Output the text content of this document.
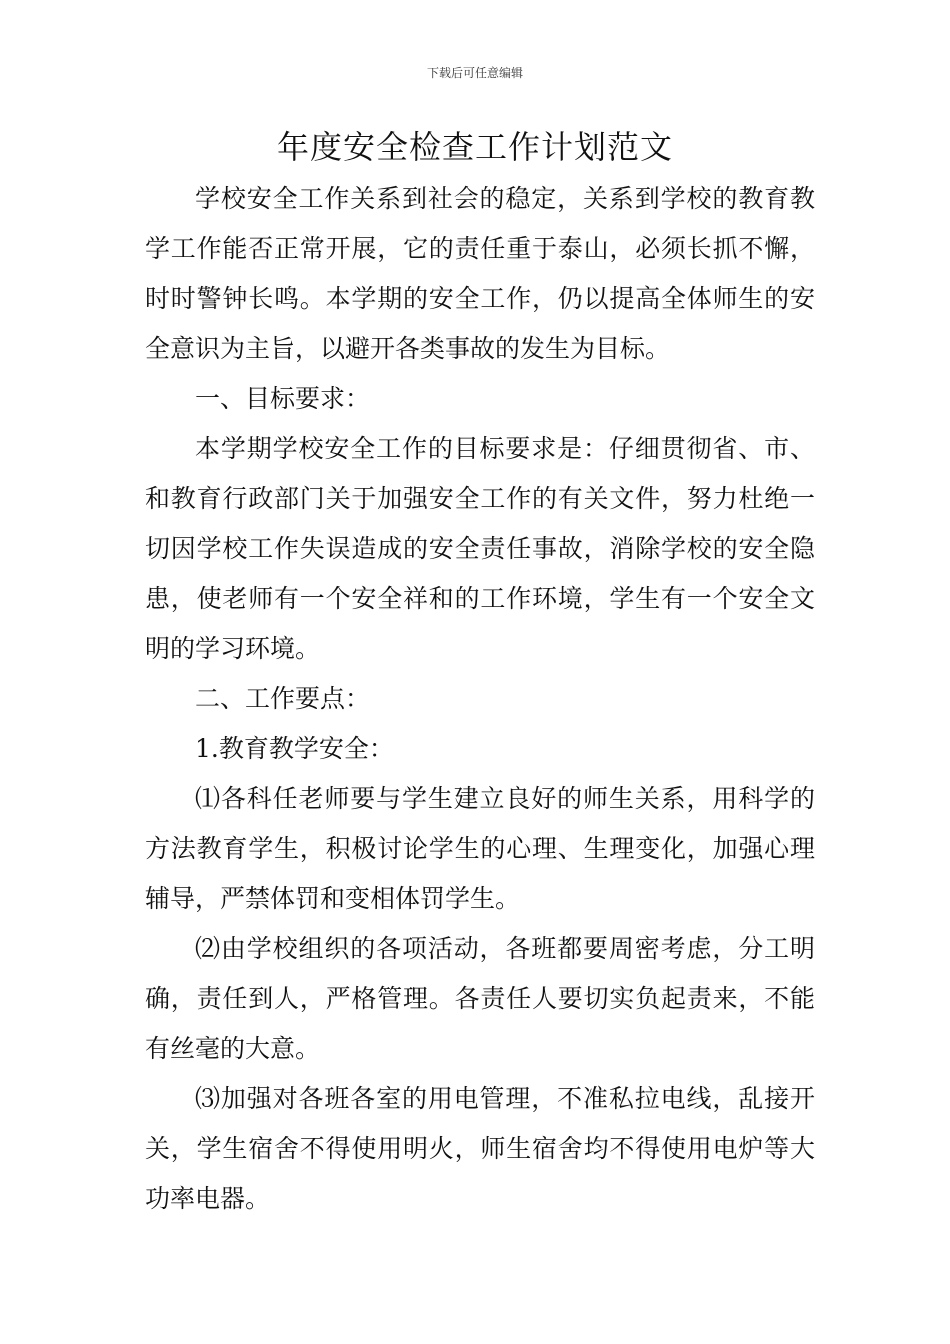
下载后可任意编辑
年度安全检查工作计划范文

学校安全工作关系到社会的稳定，关系到学校的教育教学工作能否正常开展，它的责任重于泰山，必须长抓不懈，时时警钟长鸣。本学期的安全工作，仍以提高全体师生的安全意识为主旨，以避开各类事故的发生为目标。

一、目标要求：

本学期学校安全工作的目标要求是：仔细贯彻省、市、和教育行政部门关于加强安全工作的有关文件，努力杜绝一切因学校工作失误造成的安全责任事故，消除学校的安全隐患，使老师有一个安全祥和的工作环境，学生有一个安全文明的学习环境。

二、工作要点：

1.教育教学安全：

⑴各科任老师要与学生建立良好的师生关系，用科学的方法教育学生，积极讨论学生的心理、生理变化，加强心理辅导，严禁体罚和变相体罚学生。

⑵由学校组织的各项活动，各班都要周密考虑，分工明确，责任到人，严格管理。各责任人要切实负起责来，不能有丝毫的大意。

⑶加强对各班各室的用电管理，不准私拉电线，乱接开关，学生宿舍不得使用明火，师生宿舍均不得使用电炉等大功率电器。
